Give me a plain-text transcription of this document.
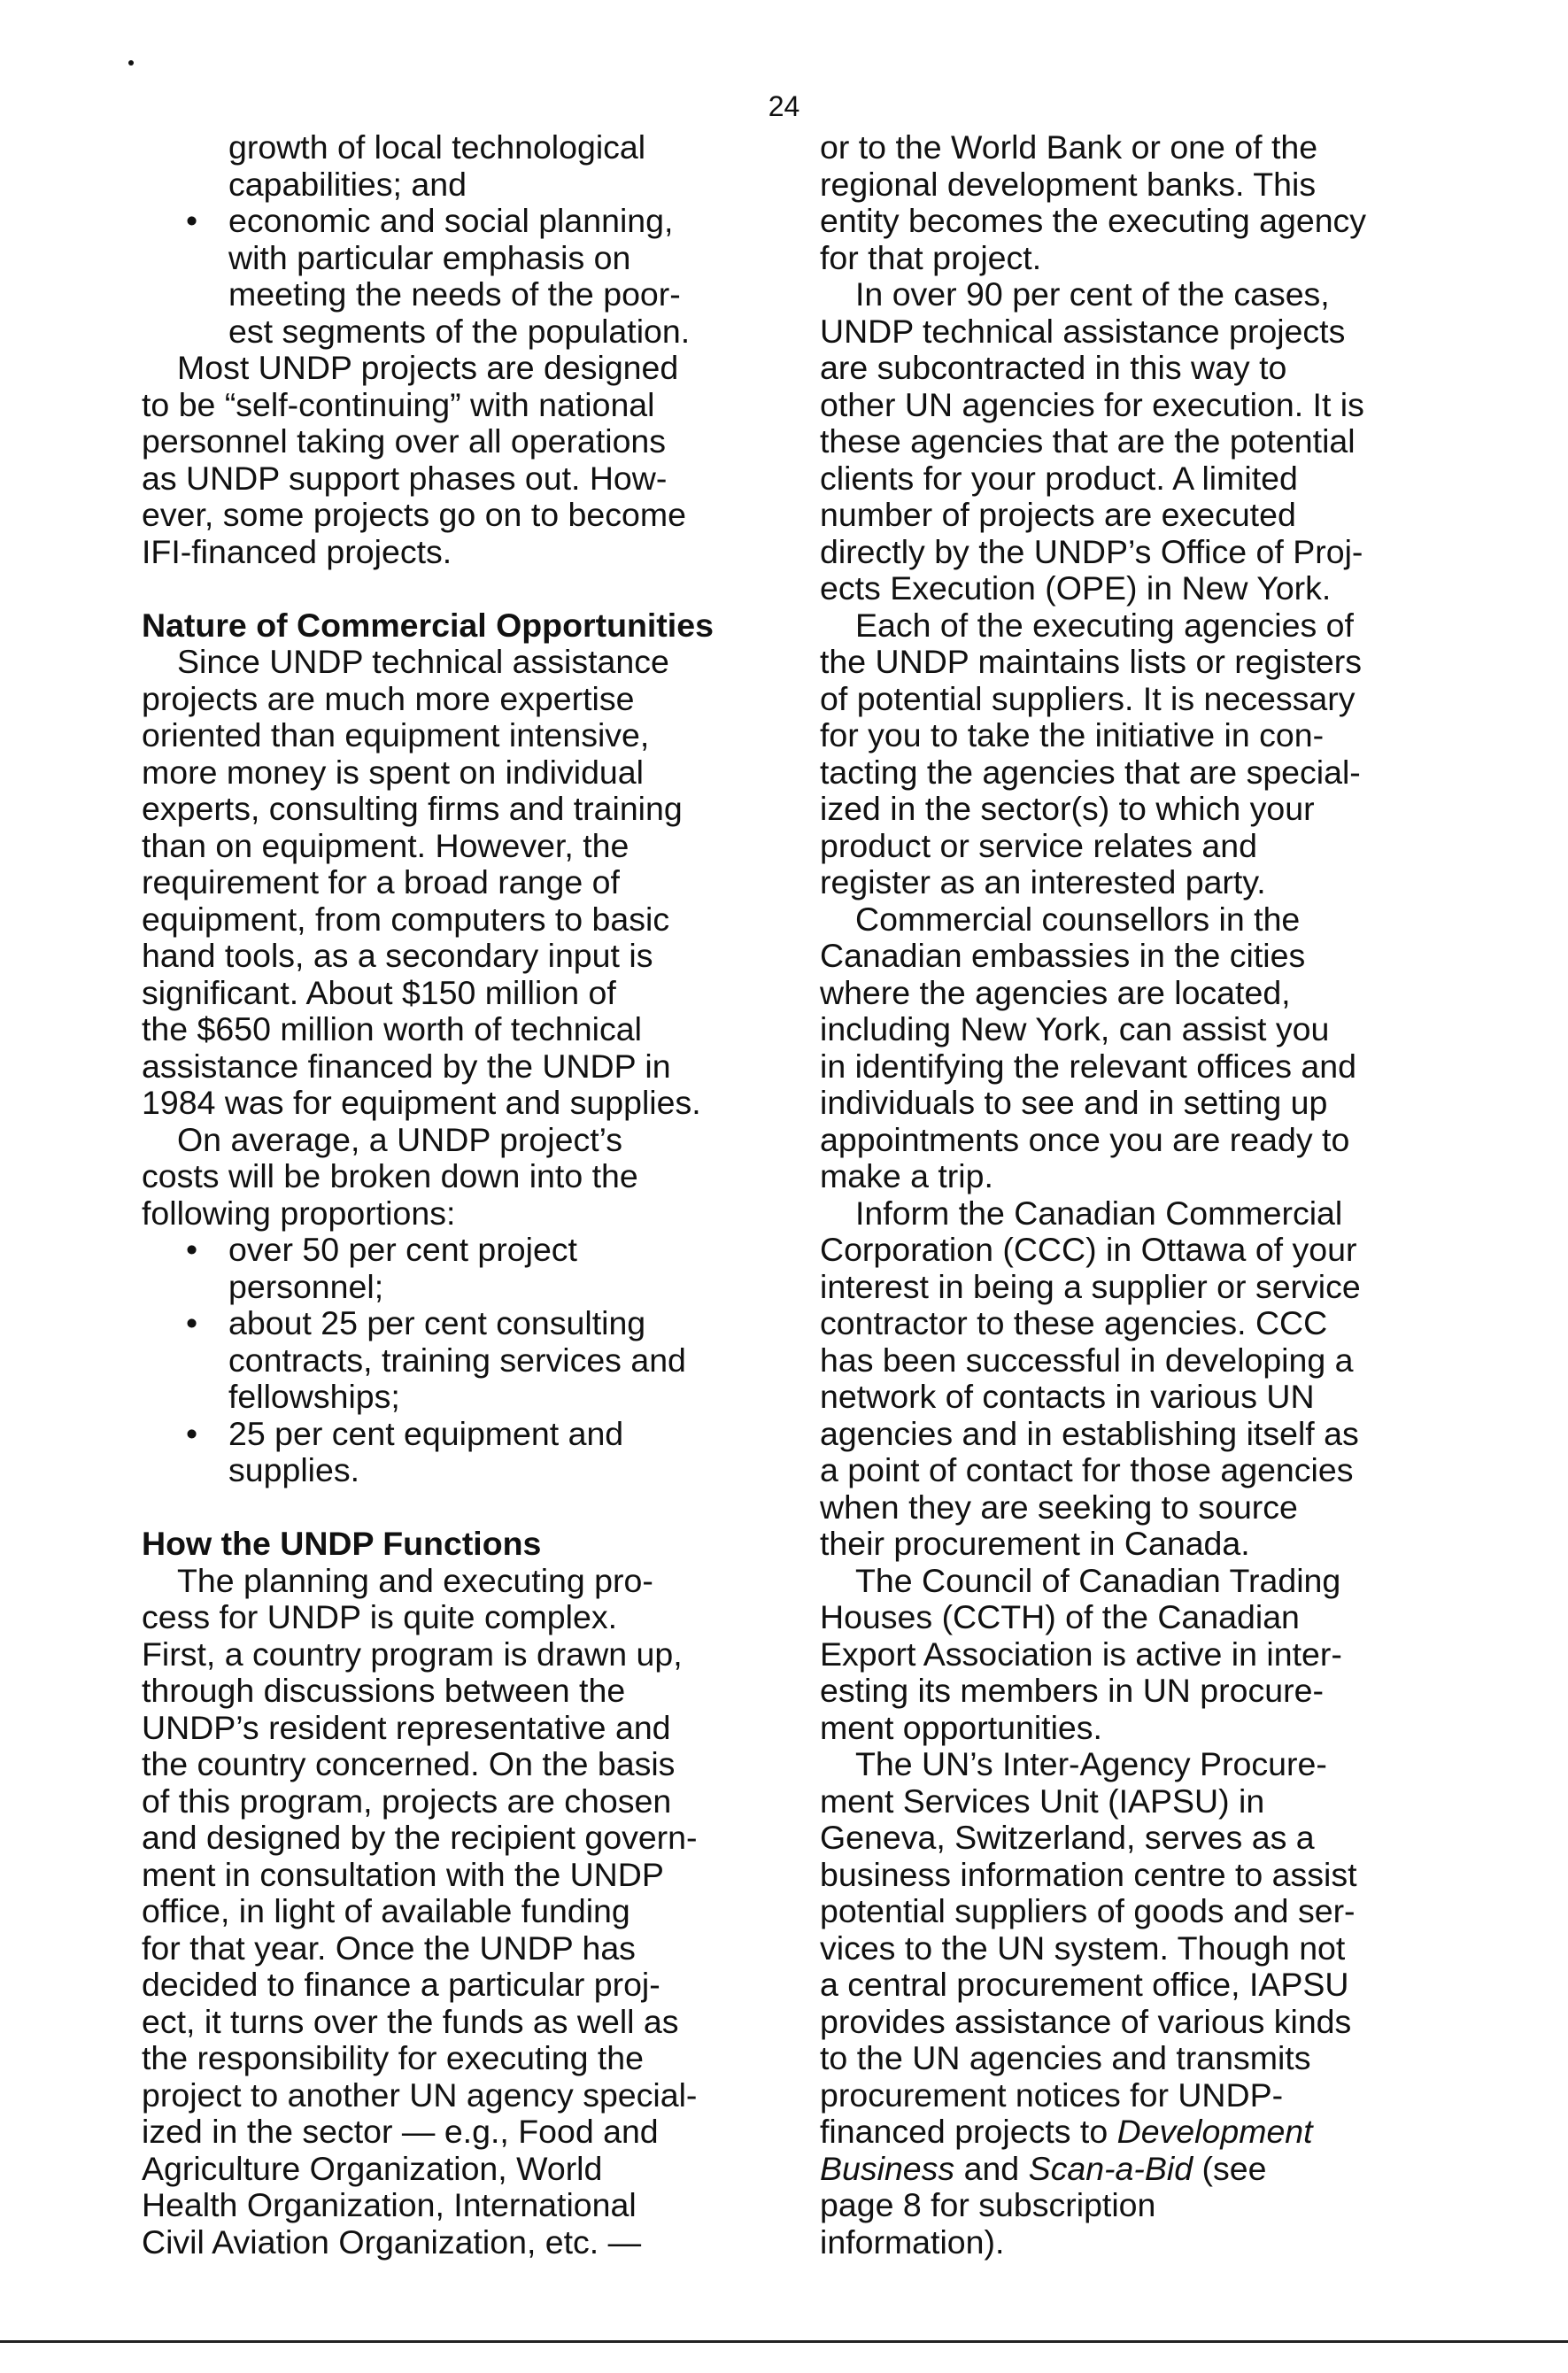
24
growth of local technological
capabilities; and
• economic and social planning,
with particular emphasis on
meeting the needs of the poor-
est segments of the population.
Most UNDP projects are designed
to be “self-continuing” with national
personnel taking over all operations
as UNDP support phases out. How-
ever, some projects go on to become
IFI-financed projects.
Nature of Commercial Opportunities
Since UNDP technical assistance
projects are much more expertise
oriented than equipment intensive,
more money is spent on individual
experts, consulting firms and training
than on equipment. However, the
requirement for a broad range of
equipment, from computers to basic
hand tools, as a secondary input is
significant. About $150 million of
the $650 million worth of technical
assistance financed by the UNDP in
1984 was for equipment and supplies.
On average, a UNDP project’s
costs will be broken down into the
following proportions:
• over 50 per cent project
personnel;
• about 25 per cent consulting
contracts, training services and
fellowships;
• 25 per cent equipment and
supplies.
How the UNDP Functions
The planning and executing pro-
cess for UNDP is quite complex.
First, a country program is drawn up,
through discussions between the
UNDP’s resident representative and
the country concerned. On the basis
of this program, projects are chosen
and designed by the recipient govern-
ment in consultation with the UNDP
office, in light of available funding
for that year. Once the UNDP has
decided to finance a particular proj-
ect, it turns over the funds as well as
the responsibility for executing the
project to another UN agency special-
ized in the sector — e.g., Food and
Agriculture Organization, World
Health Organization, International
Civil Aviation Organization, etc. —
or to the World Bank or one of the
regional development banks. This
entity becomes the executing agency
for that project.
In over 90 per cent of the cases,
UNDP technical assistance projects
are subcontracted in this way to
other UN agencies for execution. It is
these agencies that are the potential
clients for your product. A limited
number of projects are executed
directly by the UNDP’s Office of Proj-
ects Execution (OPE) in New York.
Each of the executing agencies of
the UNDP maintains lists or registers
of potential suppliers. It is necessary
for you to take the initiative in con-
tacting the agencies that are special-
ized in the sector(s) to which your
product or service relates and
register as an interested party.
Commercial counsellors in the
Canadian embassies in the cities
where the agencies are located,
including New York, can assist you
in identifying the relevant offices and
individuals to see and in setting up
appointments once you are ready to
make a trip.
Inform the Canadian Commercial
Corporation (CCC) in Ottawa of your
interest in being a supplier or service
contractor to these agencies. CCC
has been successful in developing a
network of contacts in various UN
agencies and in establishing itself as
a point of contact for those agencies
when they are seeking to source
their procurement in Canada.
The Council of Canadian Trading
Houses (CCTH) of the Canadian
Export Association is active in inter-
esting its members in UN procure-
ment opportunities.
The UN’s Inter-Agency Procure-
ment Services Unit (IAPSU) in
Geneva, Switzerland, serves as a
business information centre to assist
potential suppliers of goods and ser-
vices to the UN system. Though not
a central procurement office, IAPSU
provides assistance of various kinds
to the UN agencies and transmits
procurement notices for UNDP-
financed projects to Development
Business and Scan-a-Bid (see
page 8 for subscription
information).
